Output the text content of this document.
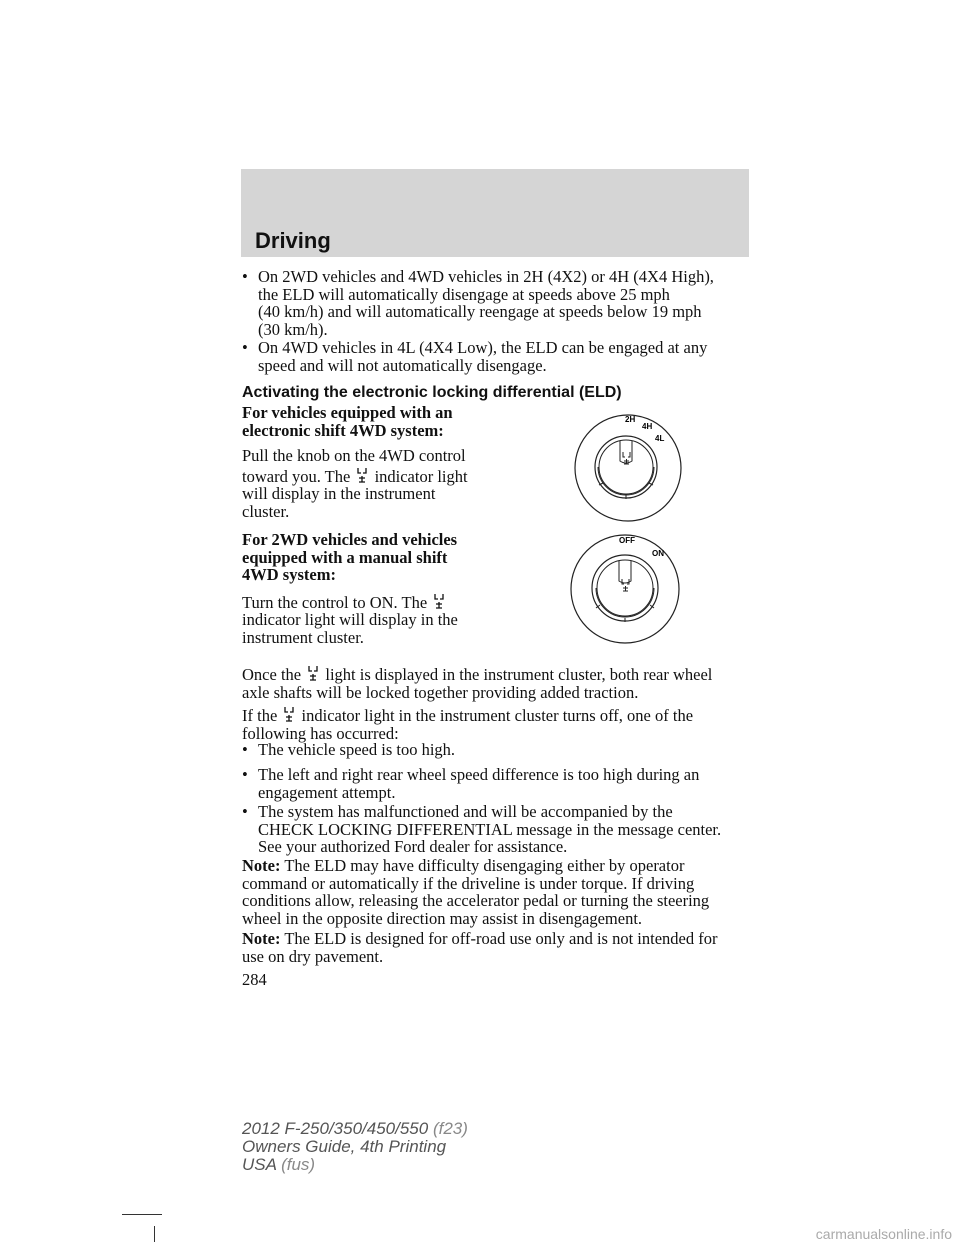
Driving
• On 2WD vehicles and 4WD vehicles in 2H (4X2) or 4H (4X4 High),
the ELD will automatically disengage at speeds above 25 mph
(40 km/h) and will automatically reengage at speeds below 19 mph
(30 km/h).
• On 4WD vehicles in 4L (4X4 Low), the ELD can be engaged at any
speed and will not automatically disengage.
Activating the electronic locking differential (ELD)
For vehicles equipped with an
electronic shift 4WD system:
Pull the knob on the 4WD control
toward you. The indicator light
will display in the instrument
cluster.
2H
4H
4L
For 2WD vehicles and vehicles
equipped with a manual shift
4WD system:
Turn the control to ON. The
indicator light will display in the
instrument cluster.
OFF
ON
Once the light is displayed in the instrument cluster, both rear wheel
axle shafts will be locked together providing added traction.
If the indicator light in the instrument cluster turns off, one of the
following has occurred:
• The vehicle speed is too high.
• The left and right rear wheel speed difference is too high during an
engagement attempt.
• The system has malfunctioned and will be accompanied by the
CHECK LOCKING DIFFERENTIAL message in the message center.
See your authorized Ford dealer for assistance.
Note: The ELD may have difficulty disengaging either by operator
command or automatically if the driveline is under torque. If driving
conditions allow, releasing the accelerator pedal or turning the steering
wheel in the opposite direction may assist in disengagement.
Note: The ELD is designed for off-road use only and is not intended for
use on dry pavement.
284
2012 F-250/350/450/550 (f23)
Owners Guide, 4th Printing
USA (fus)
carmanualsonline.info
